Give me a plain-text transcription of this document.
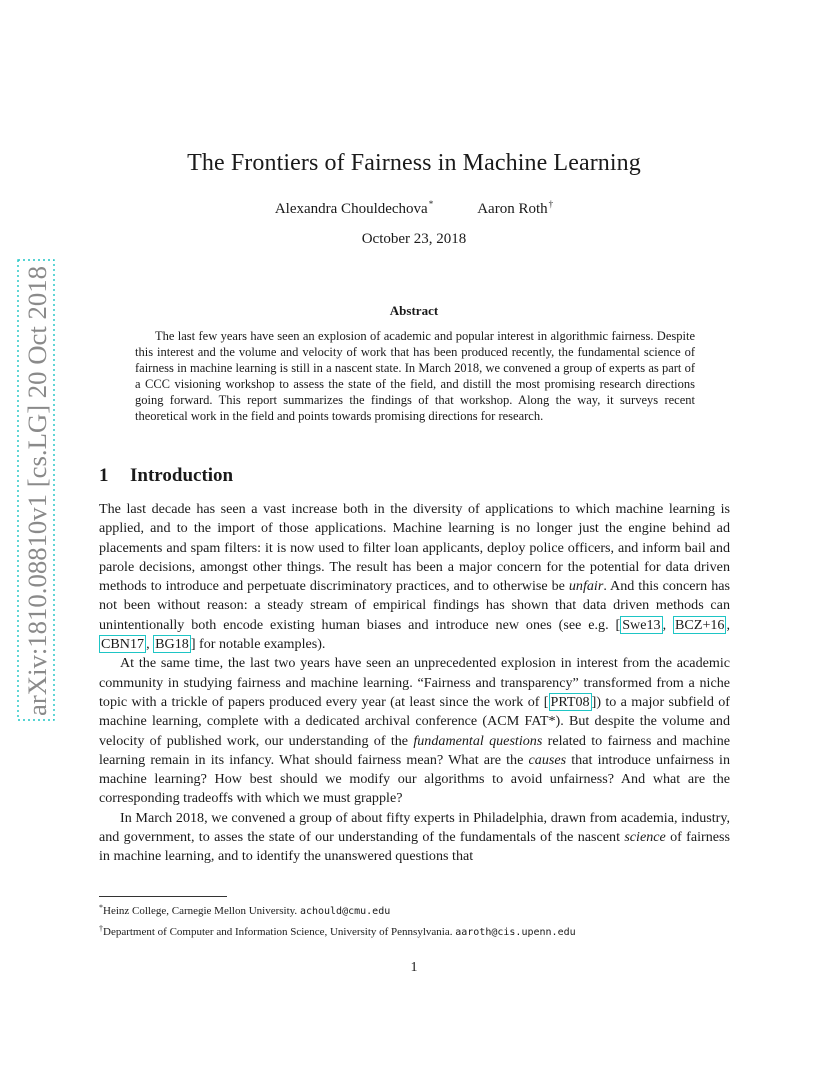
arXiv:1810.08810v1 [cs.LG] 20 Oct 2018
The Frontiers of Fairness in Machine Learning
Alexandra Chouldechova*	Aaron Roth†
October 23, 2018
Abstract
The last few years have seen an explosion of academic and popular interest in algorithmic fairness. Despite this interest and the volume and velocity of work that has been produced recently, the fundamental science of fairness in machine learning is still in a nascent state. In March 2018, we convened a group of experts as part of a CCC visioning workshop to assess the state of the field, and distill the most promising research directions going forward. This report summarizes the findings of that workshop. Along the way, it surveys recent theoretical work in the field and points towards promising directions for research.
1 Introduction

The last decade has seen a vast increase both in the diversity of applications to which machine learning is applied, and to the import of those applications. Machine learning is no longer just the engine behind ad placements and spam filters: it is now used to filter loan applicants, deploy police officers, and inform bail and parole decisions, amongst other things. The result has been a major concern for the potential for data driven methods to introduce and perpetuate discriminatory practices, and to otherwise be unfair. And this concern has not been without reason: a steady stream of empirical findings has shown that data driven methods can unintentionally both encode existing human biases and introduce new ones (see e.g. [ Swe13 , BCZ+16 , CBN17 , BG18 ] for notable examples).

At the same time, the last two years have seen an unprecedented explosion in interest from the academic community in studying fairness and machine learning. “Fairness and transparency” transformed from a niche topic with a trickle of papers produced every year (at least since the work of [ PRT08 ]) to a major subfield of machine learning, complete with a dedicated archival conference (ACM FAT*). But despite the volume and velocity of published work, our understanding of the fundamental questions related to fairness and machine learning remain in its infancy. What should fairness mean? What are the causes that introduce unfairness in machine learning? How best should we modify our algorithms to avoid unfairness? And what are the corresponding tradeoffs with which we must grapple?

In March 2018, we convened a group of about fifty experts in Philadelphia, drawn from academia, industry, and government, to asses the state of our understanding of the fundamentals of the nascent science of fairness in machine learning, and to identify the unanswered questions that

*Heinz College, Carnegie Mellon University. achould@cmu.edu
†Department of Computer and Information Science, University of Pennsylvania. aaroth@cis.upenn.edu
1
